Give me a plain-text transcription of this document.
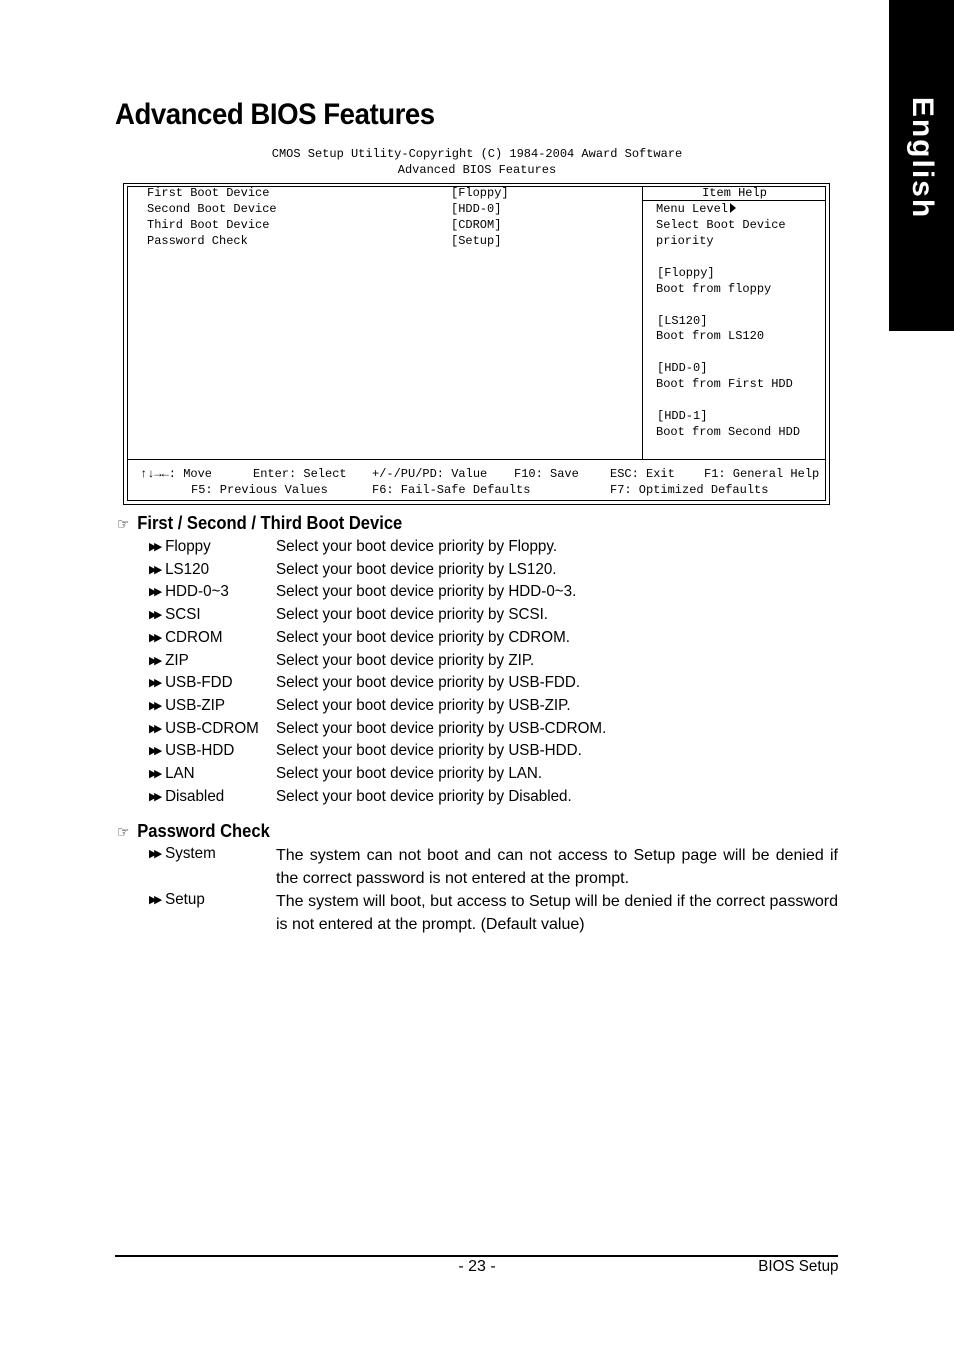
English
Advanced BIOS Features
CMOS Setup Utility-Copyright (C) 1984-2004 Award Software
Advanced BIOS Features
First Boot Device	[Floppy]
Second Boot Device	[HDD-0]
Third Boot Device	[CDROM]
Password Check	[Setup]
Item Help
Menu Level
Select Boot Device
priority
[Floppy]
Boot from floppy
[LS120]
Boot from LS120
[HDD-0]
Boot from First HDD
[HDD-1]
Boot from Second HDD
↑↓→←: Move	Enter: Select +/-/PU/PD: Value F10: Save	ESC: Exit F1: General Help
F5: Previous Values	F6: Fail-Safe Defaults	F7: Optimized Defaults
☞ First / Second / Third Boot Device
▶▶ Floppy	Select your boot device priority by Floppy.
▶▶ LS120	Select your boot device priority by LS120.
▶▶ HDD-0~3	Select your boot device priority by HDD-0~3.
▶▶ SCSI	Select your boot device priority by SCSI.
▶▶ CDROM	Select your boot device priority by CDROM.
▶▶ ZIP	Select your boot device priority by ZIP.
▶▶ USB-FDD	Select your boot device priority by USB-FDD.
▶▶ USB-ZIP	Select your boot device priority by USB-ZIP.
▶▶ USB-CDROM Select your boot device priority by USB-CDROM.
▶▶ USB-HDD	Select your boot device priority by USB-HDD.
▶▶ LAN	Select your boot device priority by LAN.
▶▶ Disabled	Select your boot device priority by Disabled.
☞ Password Check
▶▶ System	The system can not boot and can not access to Setup page will be denied if the correct password is not entered at the prompt.
▶▶ Setup	The system will boot, but access to Setup will be denied if the correct password is not entered at the prompt. (Default value)
- 23 -	BIOS Setup
